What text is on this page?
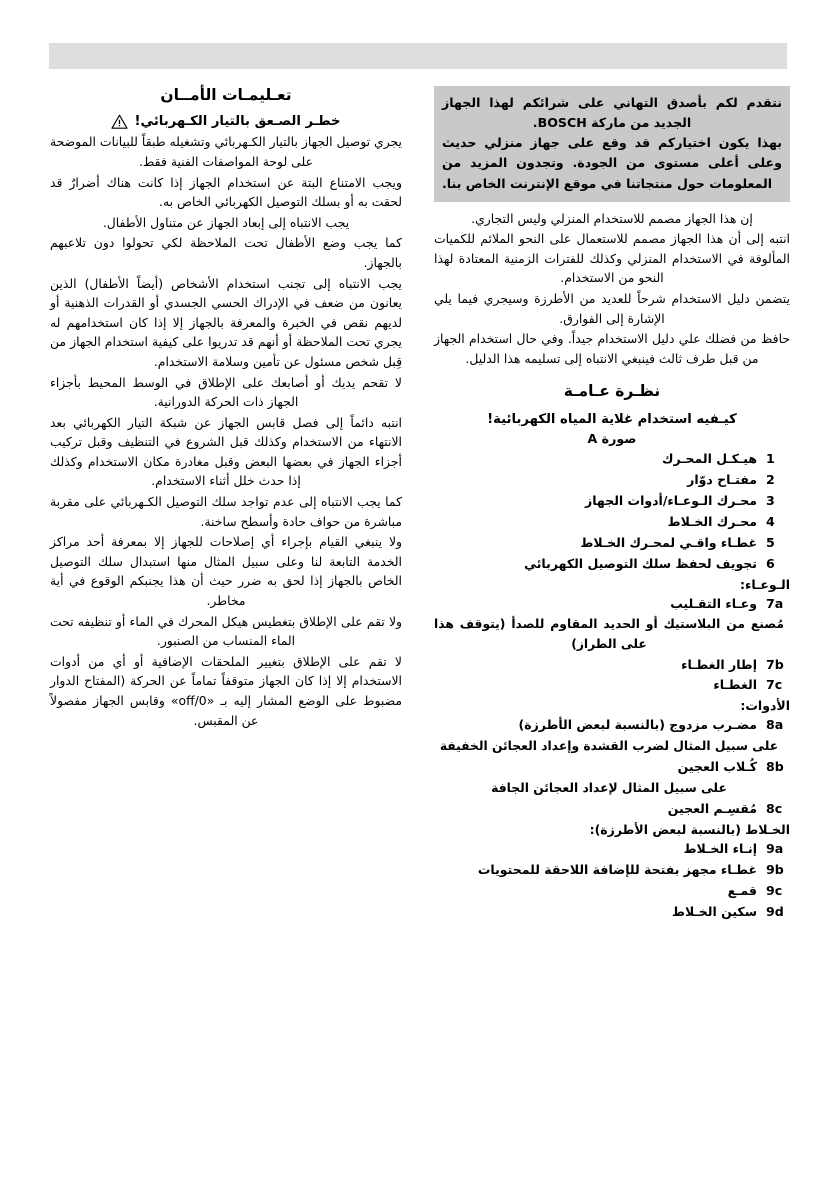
نتقدم لكم بأصدق التهاني على شرائكم لهذا الجهاز الجديد من ماركة BOSCH.

بهذا يكون اختياركم قد وقع على جهاز منزلي حديث وعلى أعلى مستوى من الجودة. وتجدون المزيد من المعلومات حول منتجاتنا في موقع الإنترنت الخاص بنا.

إن هذا الجهاز مصمم للاستخدام المنزلي وليس التجاري.

انتبه إلى أن هذا الجهاز مصمم للاستعمال على النحو الملائم للكميات المألوفة في الاستخدام المنزلي وكذلك للفترات الزمنية المعتادة لهذا النحو من الاستخدام.

يتضمن دليل الاستخدام شرحاً للعديد من الأطرزة وسيجري فيما يلي الإشارة إلى الفوارق.

حافظ من فضلك علي دليل الاستخدام جيداً. وفي حال استخدام الجهاز من قبل طرف ثالث فينبغي الانتباه إلى تسليمه هذا الدليل.

نظـرة عـامـة
كيـفيه استخدام غلاية المياه الكهربائية!
صورة A
1
هيـكـل المحـرك
2
مفتـاح دوّار
3
محـرك الـوعـاء/أدوات الجهاز
4
محـرك الخـلاط
5
غطـاء واقـي لمحـرك الخـلاط
6
تجويف لحفظ سلك التوصيل الكهربائي
الـوعـاء:
7a
وعـاء التقـليب

مُصنع من البلاستيك أو الحديد المقاوم للصدأ (يتوقف هذا على الطراز)

7b
إطار الغطـاء
7c
الغطـاء
الأدوات:
8a
مضـرب مزدوج (بالنسبة لبعض الأطرزة)

على سبيل المثال لضرب القشدة وإعداد العجائن الخفيفة

8b
كُـلاب العجين

على سبيل المثال لإعداد العجائن الجافة

8c
مُقسِـم العجين
الخـلاط (بالنسبة لبعض الأطرزة):
9a
إنـاء الخـلاط
9b
غطـاء مجهز بفتحة للإضافة اللاحقة للمحتويات
9c
قمـع
9d
سكين الخـلاط
تعـليمـات الأمــان
خطـر الصـعق بالتيار الكـهربائي!

يجري توصيل الجهاز بالتيار الكـهربائي وتشغيله طبقاً للبيانات الموضحة على لوحة المواصفات الفنية فقط.

ويجب الامتناع البتة عن استخدام الجهاز إذا كانت هناك أضرارٌ قد لحقت به أو بسلك التوصيل الكهربائي الخاص به.

يجب الانتباه إلى إبعاد الجهاز عن متناول الأطفال.

كما يجب وضع الأطفال تحت الملاحظة لكي تحولوا دون تلاعبهم بالجهاز.

يجب الانتباه إلى تجنب استخدام الأشخاص (أيضاً الأطفال) الذين يعانون من ضعف في الإدراك الحسي الجسدي أو القدرات الذهنية أو لديهم نقص في الخبرة والمعرفة بالجهاز إلا إذا كان استخدامهم له يجري تحت الملاحظة أو أنهم قد تدريوا على كيفية استخدام الجهاز من قِبل شخص مسئول عن تأمين وسلامة الاستخدام.

لا تقحم يديك أو أصابعك على الإطلاق في الوسط المحيط بأجزاء الجهاز ذات الحركة الدورانية.

انتبه دائماً إلى فصل قابس الجهاز عن شبكة التيار الكهربائي بعد الانتهاء من الاستخدام وكذلك قبل الشروع في التنظيف وقبل تركيب أجزاء الجهاز في بعضها البعض وقبل مغادرة مكان الاستخدام وكذلك إذا حدث خلل أثناء الاستخدام.

كما يجب الانتباه إلى عدم تواجد سلك التوصيل الكـهربائي على مقربة مباشرة من حواف حادة وأسطح ساخنة.

ولا ينبغي القيام بإجراء أي إصلاحات للجهاز إلا بمعرفة أحد مراكز الخدمة التابعة لنا وعلى سبيل المثال منها استبدال سلك التوصيل الخاص بالجهاز إذا لحق به ضرر حيث أن هذا يجنبكم الوقوع في أية مخاطر.

ولا تقم على الإطلاق بتغطيس هيكل المحرك في الماء أو تنظيفه تحت الماء المنساب من الصنبور.

لا تقم على الإطلاق بتغيير الملحقات الإضافية أو أي من أدوات الاستخدام إلا إذا كان الجهاز متوقفاً تماماً عن الحركة (المفتاح الدوار مضبوط على الوضع المشار إليه بـ «0/off» وقابس الجهاز مفصولاً عن المقبس.
